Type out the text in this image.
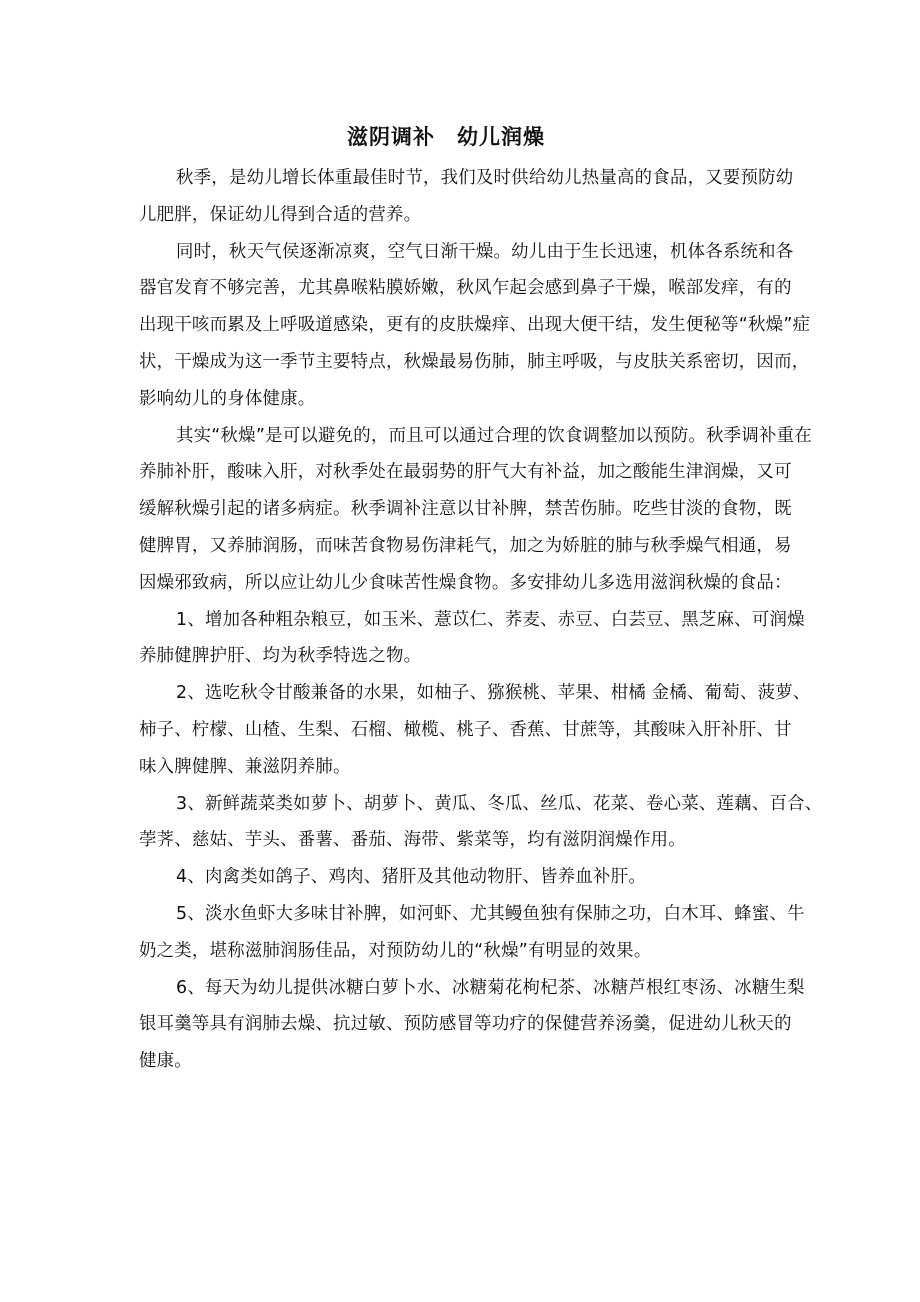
滋阴调补　幼儿润燥

秋季，是幼儿增长体重最佳时节，我们及时供给幼儿热量高的食品，又要预防幼
儿肥胖，保证幼儿得到合适的营养。

同时，秋天气侯逐渐凉爽，空气日渐干燥。幼儿由于生长迅速，机体各系统和各
器官发育不够完善，尤其鼻喉粘膜娇嫩，秋风乍起会感到鼻子干燥，喉部发痒，有的
出现干咳而累及上呼吸道感染，更有的皮肤燥痒、出现大便干结，发生便秘等“秋燥”症
状，干燥成为这一季节主要特点，秋燥最易伤肺，肺主呼吸，与皮肤关系密切，因而，
影响幼儿的身体健康。

其实“秋燥”是可以避免的，而且可以通过合理的饮食调整加以预防。秋季调补重在
养肺补肝，酸味入肝，对秋季处在最弱势的肝气大有补益，加之酸能生津润燥，又可
缓解秋燥引起的诸多病症。秋季调补注意以甘补脾，禁苦伤肺。吃些甘淡的食物，既
健脾胃，又养肺润肠，而味苦食物易伤津耗气，加之为娇脏的肺与秋季燥气相通，易
因燥邪致病，所以应让幼儿少食味苦性燥食物。多安排幼儿多选用滋润秋燥的食品：

1、增加各种粗杂粮豆，如玉米、薏苡仁、荞麦、赤豆、白芸豆、黑芝麻、可润燥
养肺健脾护肝、均为秋季特选之物。

2、选吃秋令甘酸兼备的水果，如柚子、猕猴桃、苹果、柑橘 金橘、葡萄、菠萝、
柿子、柠檬、山楂、生梨、石榴、橄榄、桃子、香蕉、甘蔗等，其酸味入肝补肝、甘
味入脾健脾、兼滋阴养肺。

3、新鲜蔬菜类如萝卜、胡萝卜、黄瓜、冬瓜、丝瓜、花菜、卷心菜、莲藕、百合、
荸荠、慈姑、芋头、番薯、番茄、海带、紫菜等，均有滋阴润燥作用。

4、肉禽类如鸽子、鸡肉、猪肝及其他动物肝、皆养血补肝。

5、淡水鱼虾大多味甘补脾，如河虾、尤其鳗鱼独有保肺之功，白木耳、蜂蜜、牛
奶之类，堪称滋肺润肠佳品，对预防幼儿的“秋燥”有明显的效果。

6、每天为幼儿提供冰糖白萝卜水、冰糖菊花枸杞茶、冰糖芦根红枣汤、冰糖生梨
银耳羹等具有润肺去燥、抗过敏、预防感冒等功疗的保健营养汤羹，促进幼儿秋天的
健康。
